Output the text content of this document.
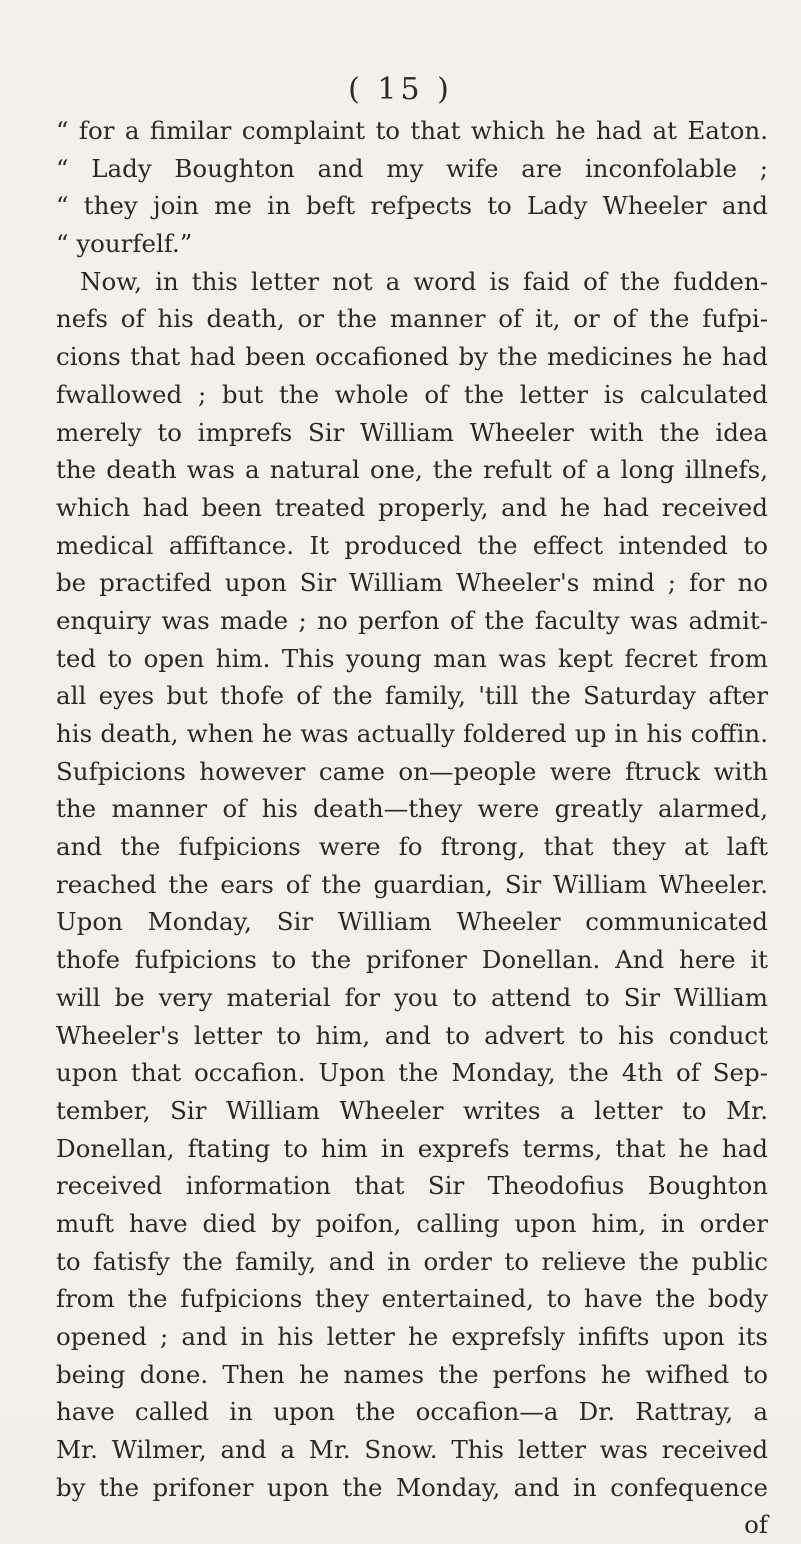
( 15 )
“ for a fimilar complaint to that which he had at Eaton.
“ Lady Boughton and my wife are inconfolable ;
“ they join me in beft refpects to Lady Wheeler and
“ yourfelf.”
Now, in this letter not a word is faid of the fudden-
nefs of his death, or the manner of it, or of the fufpi-
cions that had been occafioned by the medicines he had
fwallowed ; but the whole of the letter is calculated
merely to imprefs Sir William Wheeler with the idea
the death was a natural one, the refult of a long illnefs,
which had been treated properly, and he had received
medical affiftance. It produced the effect intended to
be practifed upon Sir William Wheeler's mind ; for no
enquiry was made ; no perfon of the faculty was admit-
ted to open him. This young man was kept fecret from
all eyes but thofe of the family, 'till the Saturday after
his death, when he was actually foldered up in his coffin.
Sufpicions however came on—people were ftruck with
the manner of his death—they were greatly alarmed,
and the fufpicions were fo ftrong, that they at laft
reached the ears of the guardian, Sir William Wheeler.
Upon Monday, Sir William Wheeler communicated
thofe fufpicions to the prifoner Donellan. And here it
will be very material for you to attend to Sir William
Wheeler's letter to him, and to advert to his conduct
upon that occafion. Upon the Monday, the 4th of Sep-
tember, Sir William Wheeler writes a letter to Mr.
Donellan, ftating to him in exprefs terms, that he had
received information that Sir Theodofius Boughton
muft have died by poifon, calling upon him, in order
to fatisfy the family, and in order to relieve the public
from the fufpicions they entertained, to have the body
opened ; and in his letter he exprefsly infifts upon its
being done. Then he names the perfons he wifhed to
have called in upon the occafion—a Dr. Rattray, a
Mr. Wilmer, and a Mr. Snow. This letter was received
by the prifoner upon the Monday, and in confequence
of
